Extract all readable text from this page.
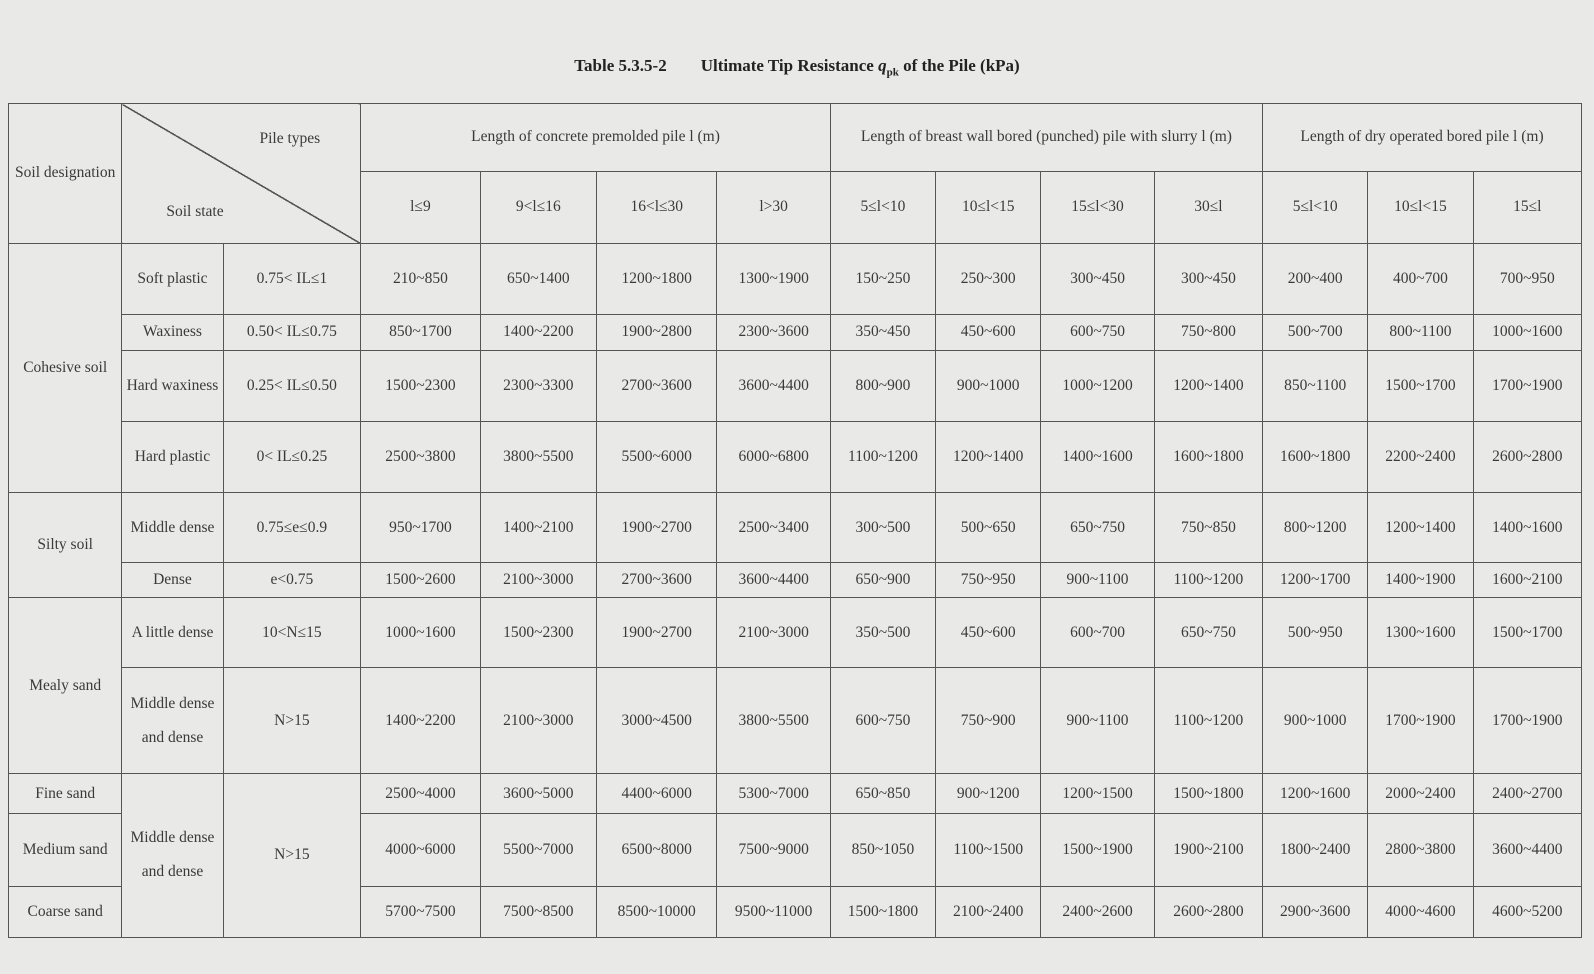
Table 5.3.5-2 Ultimate Tip Resistance $q_{pk}$ of the Pile (kPa)
Soil designation	Pile types
Soil state		Length of concrete premolded pile l (m)				Length of breast wall bored (punched) pile with slurry l (m)				Length of dry operated bored pile l (m)		
			l≤9	9<l≤16	16<l≤30	l>30	5≤l<10	10≤l<15	15≤l<30	30≤l	5≤l<10	10≤l<15	15≤l
Cohesive soil	Soft plastic	0.75< IL≤1	210~850	650~1400	1200~1800	1300~1900	150~250	250~300	300~450	300~450	200~400	400~700	700~950
	Waxiness	0.50< IL≤0.75	850~1700	1400~2200	1900~2800	2300~3600	350~450	450~600	600~750	750~800	500~700	800~1100	1000~1600
	Hard waxiness	0.25< IL≤0.50	1500~2300	2300~3300	2700~3600	3600~4400	800~900	900~1000	1000~1200	1200~1400	850~1100	1500~1700	1700~1900
	Hard plastic	0< IL≤0.25	2500~3800	3800~5500	5500~6000	6000~6800	1100~1200	1200~1400	1400~1600	1600~1800	1600~1800	2200~2400	2600~2800
Silty soil	Middle dense	0.75≤e≤0.9	950~1700	1400~2100	1900~2700	2500~3400	300~500	500~650	650~750	750~850	800~1200	1200~1400	1400~1600
	Dense	e<0.75	1500~2600	2100~3000	2700~3600	3600~4400	650~900	750~950	900~1100	1100~1200	1200~1700	1400~1900	1600~2100
Mealy sand	A little dense	10<N≤15	1000~1600	1500~2300	1900~2700	2100~3000	350~500	450~600	600~700	650~750	500~950	1300~1600	1500~1700
	Middle dense and dense	N>15	1400~2200	2100~3000	3000~4500	3800~5500	600~750	750~900	900~1100	1100~1200	900~1000	1700~1900	1700~1900
Fine sand	Middle dense and dense	N>15	2500~4000	3600~5000	4400~6000	5300~7000	650~850	900~1200	1200~1500	1500~1800	1200~1600	2000~2400	2400~2700
Medium sand			4000~6000	5500~7000	6500~8000	7500~9000	850~1050	1100~1500	1500~1900	1900~2100	1800~2400	2800~3800	3600~4400
Coarse sand			5700~7500	7500~8500	8500~10000	9500~11000	1500~1800	2100~2400	2400~2600	2600~2800	2900~3600	4000~4600	4600~5200
